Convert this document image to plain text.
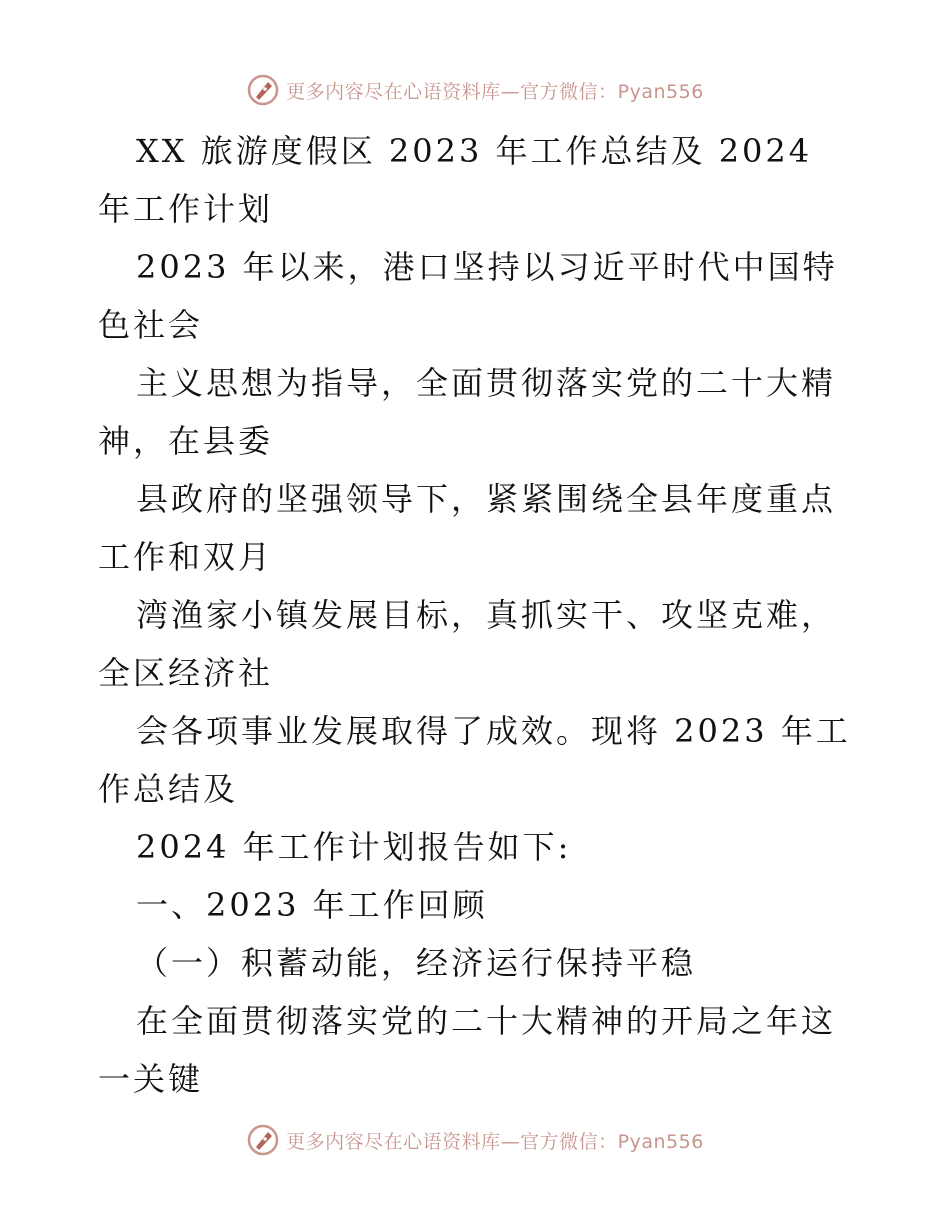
更多内容尽在心语资料库—官方微信：Pyan556

XX 旅游度假区 2023 年工作总结及 2024 年工作计划

2023 年以来，港口坚持以习近平时代中国特色社会

主义思想为指导，全面贯彻落实党的二十大精神，在县委

县政府的坚强领导下，紧紧围绕全县年度重点工作和双月

湾渔家小镇发展目标，真抓实干、攻坚克难，全区经济社

会各项事业发展取得了成效。现将 2023 年工作总结及

2024 年工作计划报告如下:

一、2023 年工作回顾

（一）积蓄动能，经济运行保持平稳

在全面贯彻落实党的二十大精神的开局之年这一关键

更多内容尽在心语资料库—官方微信：Pyan556
